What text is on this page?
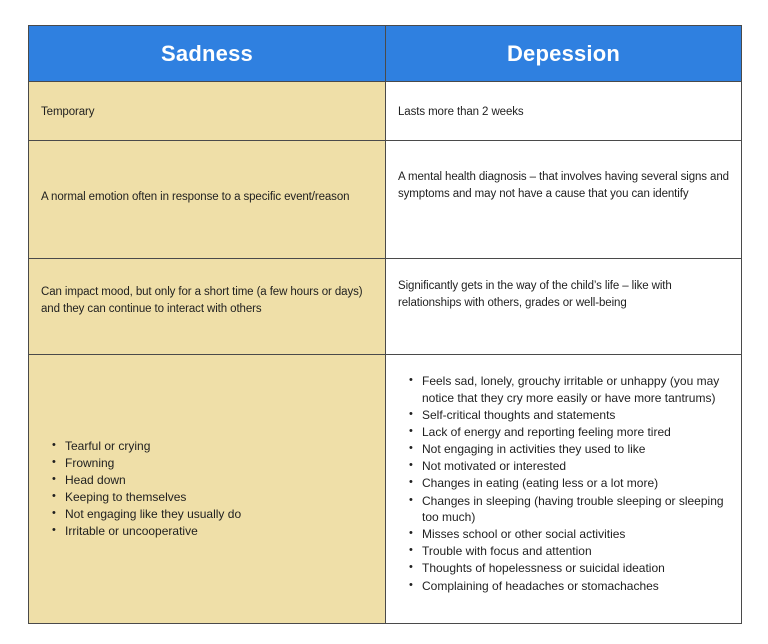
Sadness	Depession
Temporary	Lasts more than 2 weeks

A normal emotion often in response to a specific event/reason	A mental health diagnosis – that involves having several signs and symptoms and may not have a cause that you can identify

Can impact mood, but only for a short time (a few hours or days) and they can continue to interact with others	Significantly gets in the way of the child’s life – like with relationships with others, grades or well-being

• Tearful or crying
• Frowning
• Head down
• Keeping to themselves
• Not engaging like they usually do
• Irritable or uncooperative

• Feels sad, lonely, grouchy irritable or unhappy (you may notice that they cry more easily or have more tantrums)
• Self-critical thoughts and statements
• Lack of energy and reporting feeling more tired
• Not engaging in activities they used to like
• Not motivated or interested
• Changes in eating (eating less or a lot more)
• Changes in sleeping (having trouble sleeping or sleeping too much)
• Misses school or other social activities
• Trouble with focus and attention
• Thoughts of hopelessness or suicidal ideation
• Complaining of headaches or stomachaches
